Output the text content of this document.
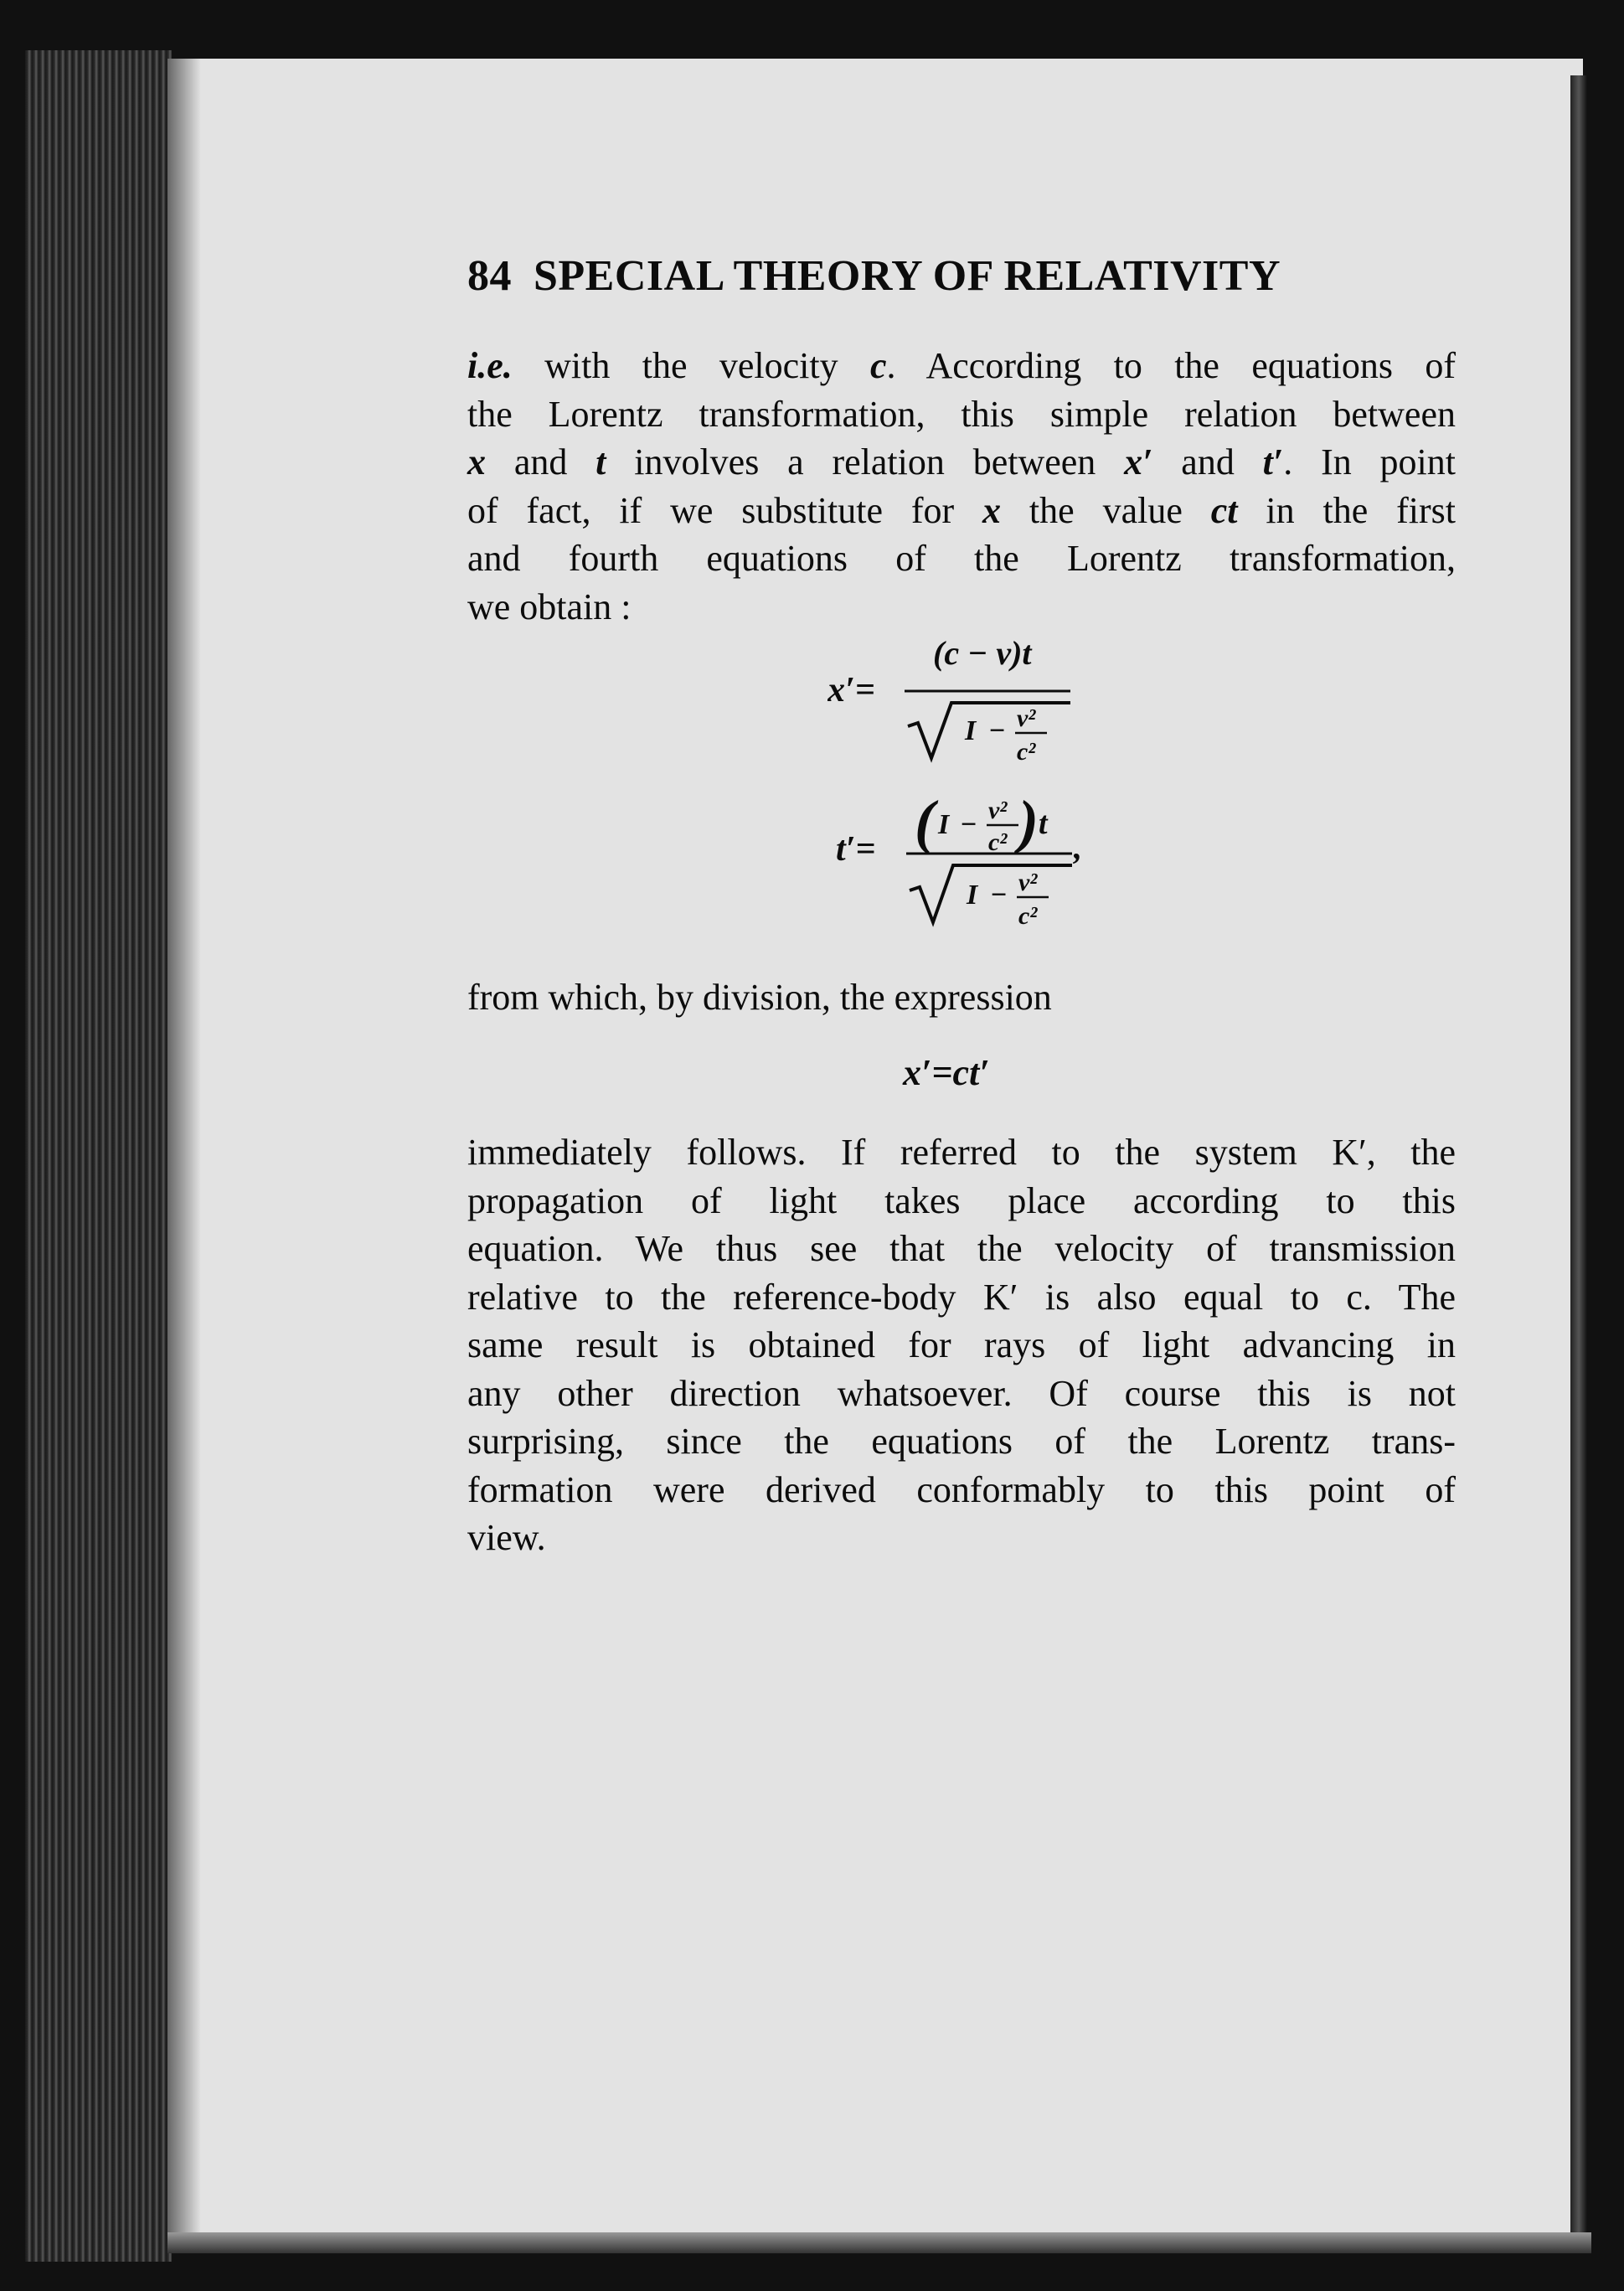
84 SPECIAL THEORY OF RELATIVITY
i.e. with the velocity c. According to the equations of
the Lorentz transformation, this simple relation between
x and t involves a relation between x′ and t′. In point
of fact, if we substitute for x the value ct in the first
and fourth equations of the Lorentz transformation,
we obtain :
x′=
(c − v)t
I − v²
c²
t′= ( I − v²
c² ) t
,
I − v²
c²
from which, by division, the expression
x′=ct′
immediately follows. If referred to the system K′, the
propagation of light takes place according to this
equation. We thus see that the velocity of transmission
relative to the reference-body K′ is also equal to c. The
same result is obtained for rays of light advancing in
any other direction whatsoever. Of course this is not
surprising, since the equations of the Lorentz trans-
formation were derived conformably to this point of
view.
